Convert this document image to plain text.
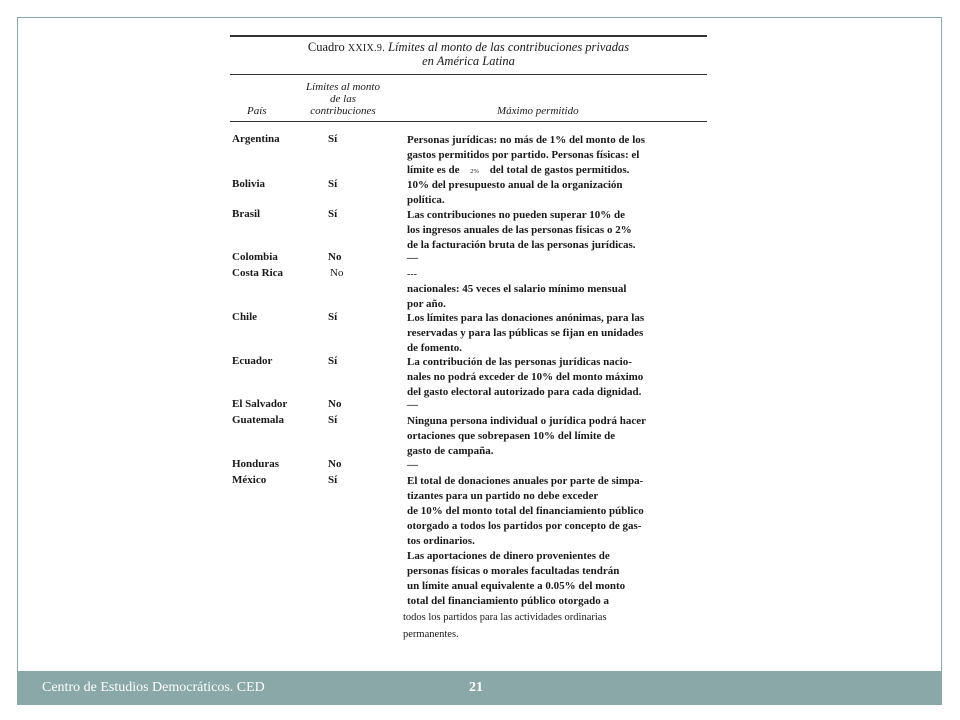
Cuadro XXIX.9. Límites al monto de las contribuciones privadas
en América Latina
País
Límites al monto de las contribuciones	Máximo permitido
Argentina	Sí	Personas jurídicas: no más de 1% del monto de los
gastos permitidos por partido. Personas físicas: el
límite es de 2% del total de gastos permitidos.
Bolivia	Sí	10% del presupuesto anual de la organización
política.
Brasil	Sí	Las contribuciones no pueden superar 10% de
los ingresos anuales de las personas físicas o 2%
de la facturación bruta de las personas jurídicas.
Colombia	No	—
Costa Rica	No	---
nacionales: 45 veces el salario mínimo mensual
por año.
Chile	Sí	Los límites para las donaciones anónimas, para las
reservadas y para las públicas se fijan en unidades
de fomento.
Ecuador	Sí	La contribución de las personas jurídicas nacio-
nales no podrá exceder de 10% del monto máximo
del gasto electoral autorizado para cada dignidad.
El Salvador	No	—
Guatemala	Sí	Ninguna persona individual o jurídica podrá hacer
ortaciones que sobrepasen 10% del límite de
gasto de campaña.
Honduras	No	—
México	Sí	El total de donaciones anuales por parte de simpa-
tizantes para un partido no debe exceder
de 10% del monto total del financiamiento público
otorgado a todos los partidos por concepto de gas-
tos ordinarios.
Las aportaciones de dinero provenientes de
personas físicas o morales facultadas tendrán
un límite anual equivalente a 0.05% del monto
total del financiamiento público otorgado a
todos los partidos para las actividades ordinarias
permanentes.
Centro de Estudios Democráticos. CED	21
